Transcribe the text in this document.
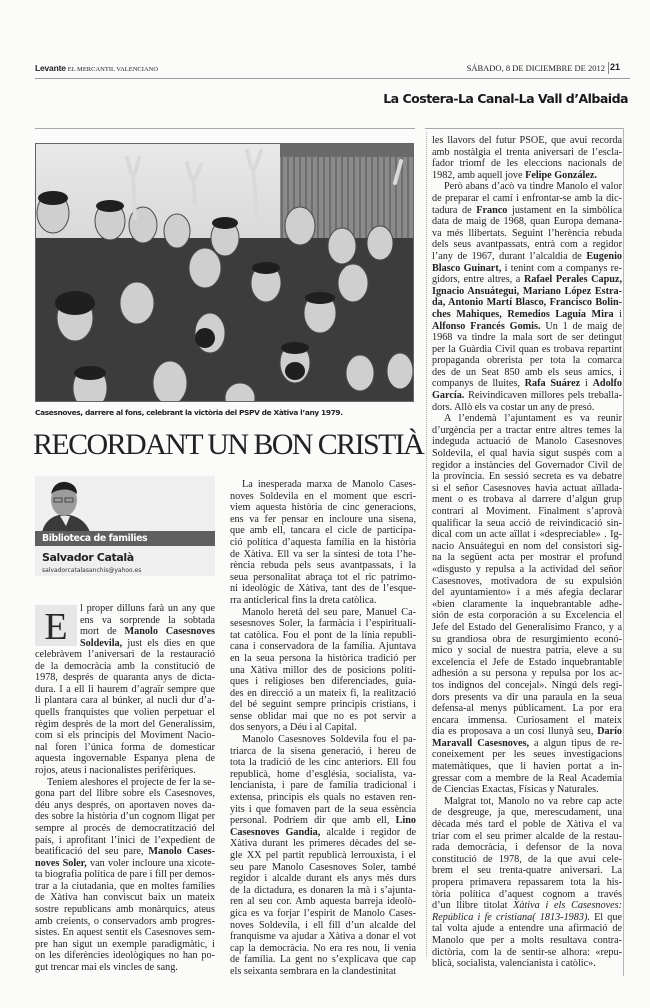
Levante EL MERCANTIL VALENCIANO	SÁBADO, 8 DE DICIEMBRE DE 2012 21
La Costera-La Canal-La Vall d’Albaida
Casesnoves, darrere al fons, celebrant la victòria del PSPV de Xàtiva l’any 1979.
RECORDANT UN BON CRISTIÀ
Biblioteca de families
Salvador Català
salvadorcatalasanchis@yahoo.es
E	l proper dilluns farà un any que
ens va sorprende la sobtada
mort de Manolo Casesnoves
Soldevila, just els dies en que
celebràvem l’aniversari de la restauració
de la democràcia amb la constitució de
1978, després de quaranta anys de dicta-
dura. I a ell li haurem d’agraïr sempre que
li plantara cara al búnker, al nucli dur d’a-
quells franquistes que volien perpetuar el
règim després de la mort del Generalíssim,
com si els principis del Moviment Nacio-
nal foren l’única forma de domesticar
aquesta ingovernable Espanya plena de
rojos, ateus i nacionalistes perifèriques.
Teniem aleshores el projecte de fer la se-
gona part del llibre sobre els Casesnoves,
déu anys després, on aportaven noves da-
des sobre la història d’un cognom lligat per
sempre al procés de democratització del
país, i aprofitant l’inici de l’expedient de
beatificació del seu pare, Manolo Cases-
noves Soler, van voler incloure una xicote-
ta biografia política de pare i fill per demos-
trar a la ciutadania, que en moltes famílies
de Xàtiva han conviscut baix un mateix
sostre republicans amb monàrquics, ateus
amb creients, o conservadors amb progres-
sistes. En aquest sentit els Casesnoves sem-
pre han sigut un exemple paradigmàtic, i
on les diferències ideològiques no han po-
gut trencar mai els vincles de sang.
La inesperada marxa de Manolo Cases-
noves Soldevila en el moment que escri-
viem aquesta història de cinc generacions,
ens va fer pensar en incloure una sisena,
que amb ell, tancara el cicle de participa-
ció política d’aquesta família en la història
de Xàtiva. Ell va ser la síntesi de tota l’he-
rència rebuda pels seus avantpassats, i la
seua personalitat abraça tot el ric patrimo-
ni ideològic de Xàtiva, tant des de l’esque-
rra anticlerical fins la dreta catòlica.
Manolo heretà del seu pare, Manuel Ca-
sesesnoves Soler, la farmàcia i l’espirituali-
tat catòlica. Fou el pont de la línia republi-
cana i conservadora de la família. Ajuntava
en la seua persona la històrica tradició per
una Xàtiva millor des de posicions políti-
ques i religioses ben diferenciades, guia-
des en direcció a un mateix fi, la realització
del bé seguint sempre principis cristians, i
sense oblidar mai que no es pot servir a
dos senyors, a Déu i al Capital.
Manolo Casesnoves Soldevila fou el pa-
triarca de la sisena generació, i hereu de
tota la tradició de les cinc anteriors. Ell fou
republicà, home d’església, socialista, va-
lencianista, i pare de família tradicional i
extensa, principis els quals no estaven ren-
yits i que fomaven part de la seua essència
personal. Podríem dir que amb ell, Lino
Casesnoves Gandia, alcalde i regidor de
Xàtiva durant les primeres dècades del se-
gle XX pel partit republicà lerrouxista, i el
seu pare Manolo Casesnoves Soler, també
regidor i alcalde durant els anys més durs
de la dictadura, es donaren la mà i s’ajunta-
ren al seu cor. Amb aquesta barreja ideolò-
gica es va forjar l’espirit de Manolo Cases-
noves Soldevila, i ell fill d’un alcalde del
franquisme va ajudar a Xàtiva a donar el vot
cap la democràcia. No era res nou, li venia
de família. La gent no s’explicava que cap
els seixanta sembrara en la clandestinitat
les llavors del futur PSOE, que avui recorda
amb nostàlgia el trenta aniversari de l’escla-
fador triomf de les eleccions nacionals de
1982, amb aquell jove Felipe González.
Però abans d’acò va tindre Manolo el valor
de preparar el camí i enfrontar-se amb la dic-
tadura de Franco justament en la simbòlica
data de maig de 1968, quan Europa demana-
va més llibertats. Seguint l’herència rebuda
dels seus avantpassats, entrà com a regidor
l’any de 1967, durant l’alcaldia de Eugenio
Blasco Guinart, i tenint com a companys re-
gidors, entre altres, a Rafael Perales Capuz,
Ignacio Ansuátegui, Mariano López Estra-
da, Antonio Martí Blasco, Francisco Bolin-
ches Mahiques, Remedios Laguía Mira i
Alfonso Francés Gomis. Un 1 de maig de
1968 va tindre la mala sort de ser detingut
per la Guàrdia Civil quan es trobava repartint
propaganda obrerista per tota la comarca
des de un Seat 850 amb els seus amics, i
companys de lluites, Rafa Suárez i Adolfo
García. Reivindicaven millores pels treballa-
dors. Allò els va costar un any de presó.
A l’endemà l’ajuntament es va reunir
d’urgència per a tractar entre altres temes la
indeguda actuació de Manolo Casesnoves
Soldevila, el qual havia sigut suspés com a
regidor a instàncies del Governador Civil de
la província. En sessió secreta es va debatre
si el señor Casesnoves havia actuat aïllada-
ment o es trobava al darrere d’algun grup
contrari al Moviment. Finalment s’aprovà
qualificar la seua acció de reivindicació sin-
dical com un acte aïllat i «despreciable» . Ig-
nacio Ansuátegui en nom del consistori sig-
na la següent acta per mostrar el profund
«disgusto y repulsa a la actividad del señor
Casesnoves, motivadora de su expulsión
del ayuntamiento» i a més afegia declarar
«bien claramente la inquebrantable adhe-
sión de esta corporación a su Excelencia el
Jefe del Estado del Generalísimo Franco, y a
su grandiosa obra de resurgimiento econó-
mico y social de nuestra patria, eleve a su
excelencia el Jefe de Estado inquebrantable
adhesión a su persona y repulsa por los ac-
tos indignos del concejal». Ningú dels regi-
dors presents va dir una paraula en la seua
defensa-al menys públicament. La por era
encara immensa. Curiosament el mateix
dia es proposava a un cosí llunyà seu, Darío
Maravall Casesnoves, a algun tipus de re-
coneixement per les seues investigacions
matemàtiques, que li havien portat a in-
gressar com a membre de la Real Academia
de Ciencias Exactas, Físicas y Naturales.
Malgrat tot, Manolo no va rebre cap acte
de desgreuge, ja que, merescudament, una
dècada més tard el poble de Xàtiva el va
triar com el seu primer alcalde de la restau-
rada democràcia, i defensor de la nova
constitució de 1978, de la que avui cele-
brem el seu trenta-quatre aniversari. La
propera primavera repassarem tota la his-
tòria política d’aquest cognom a través
d’un llibre titolat Xàtiva i els Casesnoves:
República i fe cristiana( 1813-1983). El que
tal volta ajude a entendre una afirmació de
Manolo que per a molts resultava contra-
dictòria, com la de sentir-se alhora: «repu-
blicà, socialista, valencianista i catòlic».
